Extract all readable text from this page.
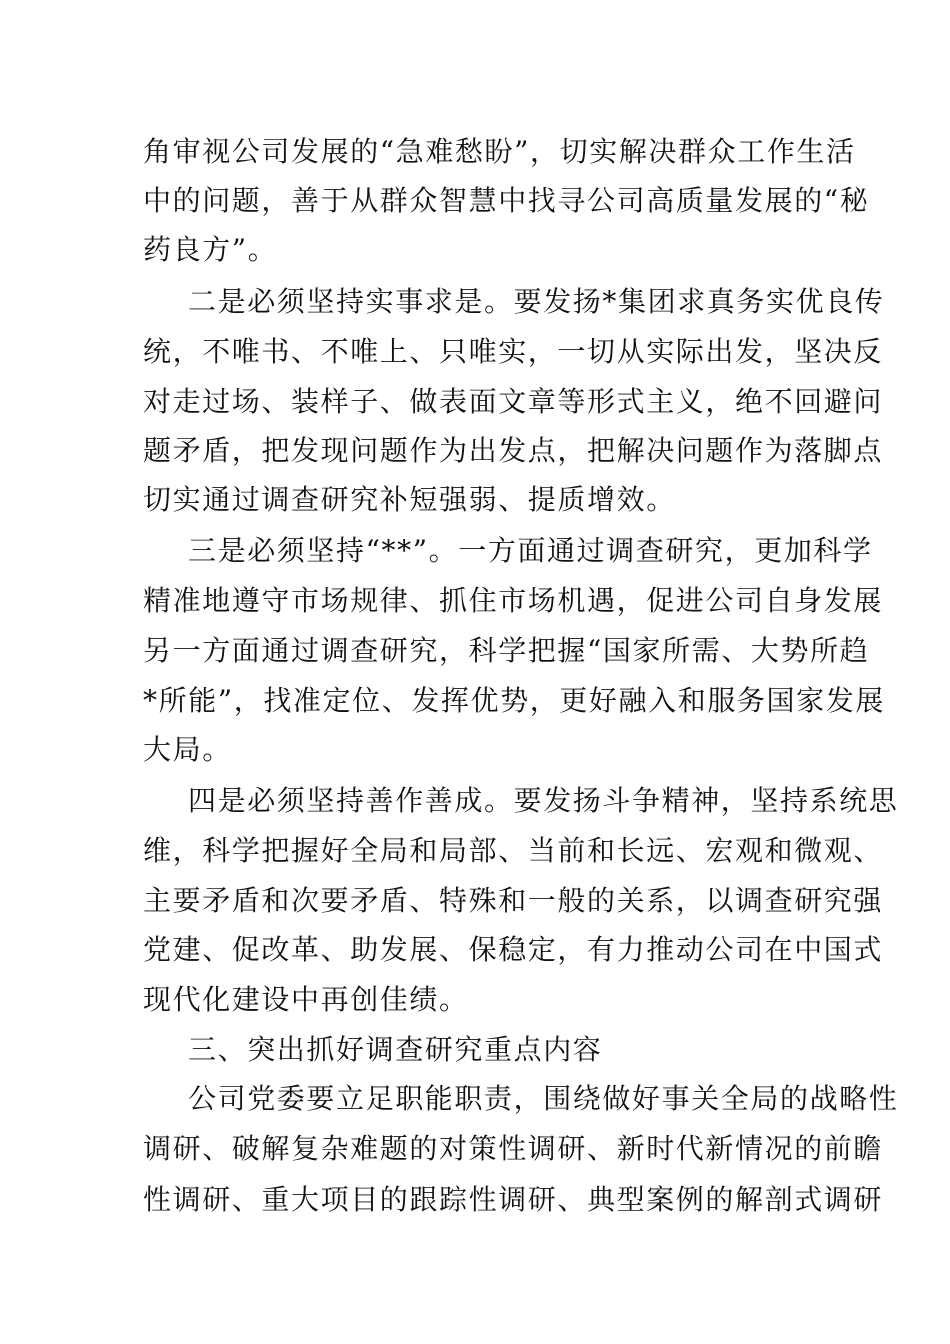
角审视公司发展的“急难愁盼”，切实解决群众工作生活

中的问题，善于从群众智慧中找寻公司高质量发展的“秘

药良方”。

二是必须坚持实事求是。要发扬*集团求真务实优良传

统，不唯书、不唯上、只唯实，一切从实际出发，坚决反

对走过场、装样子、做表面文章等形式主义，绝不回避问

题矛盾，把发现问题作为出发点，把解决问题作为落脚点

切实通过调查研究补短强弱、提质增效。

三是必须坚持“**”。一方面通过调查研究，更加科学

精准地遵守市场规律、抓住市场机遇，促进公司自身发展

另一方面通过调查研究，科学把握“国家所需、大势所趋

*所能”，找准定位、发挥优势，更好融入和服务国家发展

大局。

四是必须坚持善作善成。要发扬斗争精神，坚持系统思

维，科学把握好全局和局部、当前和长远、宏观和微观、

主要矛盾和次要矛盾、特殊和一般的关系，以调查研究强

党建、促改革、助发展、保稳定，有力推动公司在中国式

现代化建设中再创佳绩。

三、突出抓好调查研究重点内容

公司党委要立足职能职责，围绕做好事关全局的战略性

调研、破解复杂难题的对策性调研、新时代新情况的前瞻

性调研、重大项目的跟踪性调研、典型案例的解剖式调研
